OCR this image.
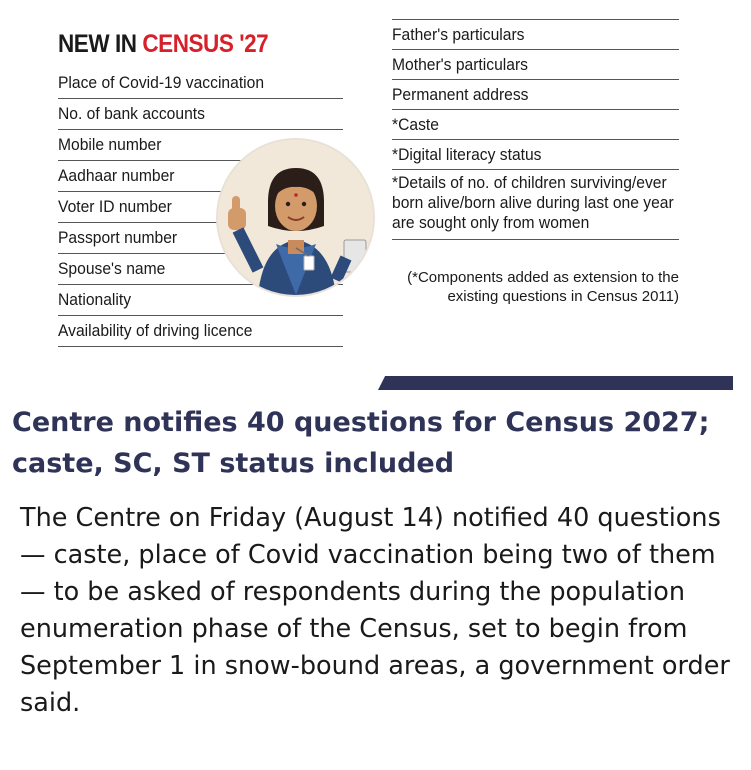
NEW IN CENSUS '27
Place of Covid-19 vaccination
No. of bank accounts
Mobile number
Aadhaar number
Voter ID number
Passport number
Spouse's name
Nationality
Availability of driving licence
Father's particulars
Mother's particulars
Permanent address
*Caste
*Digital literacy status
*Details of no. of children surviving/ever born alive/born alive during last one year are sought only from women
(*Components added as extension to the existing questions in Census 2011)
Centre notifies 40 questions for Census 2027; caste, SC, ST status included

The Centre on Friday (August 14) notified 40 questions — caste, place of Covid vaccination being two of them — to be asked of respondents during the population enumeration phase of the Census, set to begin from September 1 in snow-bound areas, a government order said.
